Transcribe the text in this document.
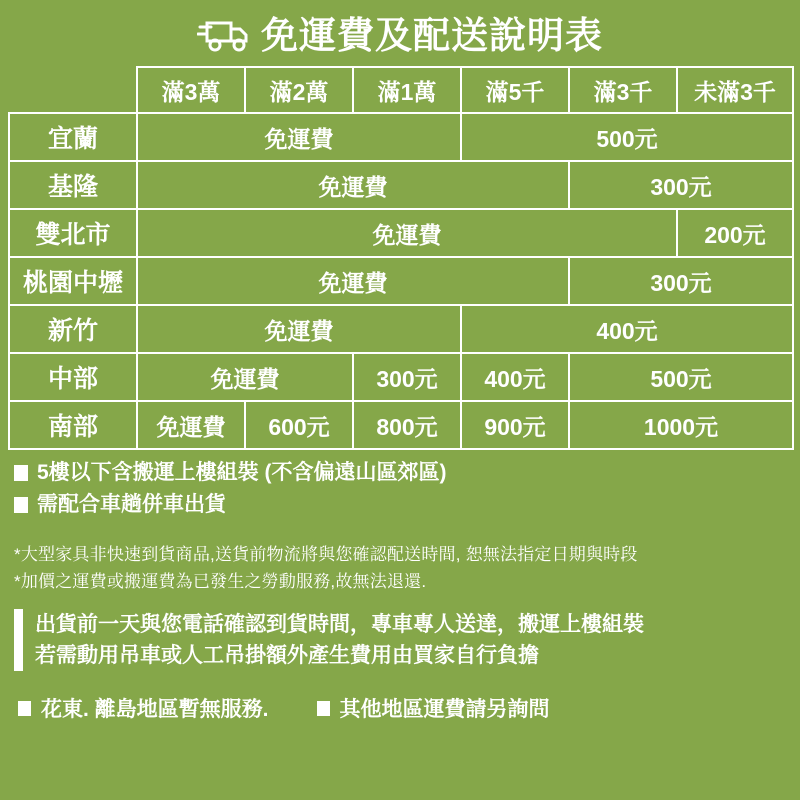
免運費及配送說明表
	滿3萬	滿2萬	滿1萬	滿5千	滿3千	未滿3千
宜蘭	免運費			500元		
基隆	免運費				300元	
雙北市	免運費					200元
桃園中壢	免運費				300元	
新竹	免運費			400元		
中部	免運費		300元	400元	500元	
南部	免運費	600元	800元	900元	1000元	
5樓以下含搬運上樓組裝 (不含偏遠山區郊區)
需配合車趟併車出貨
*大型家具非快速到貨商品,送貨前物流將與您確認配送時間, 恕無法指定日期與時段
*加價之運費或搬運費為已發生之勞動服務,故無法退還.
出貨前一天與您電話確認到貨時間，專車專人送達，搬運上樓組裝
若需動用吊車或人工吊掛額外產生費用由買家自行負擔
花東. 離島地區暫無服務.	其他地區運費請另詢問
